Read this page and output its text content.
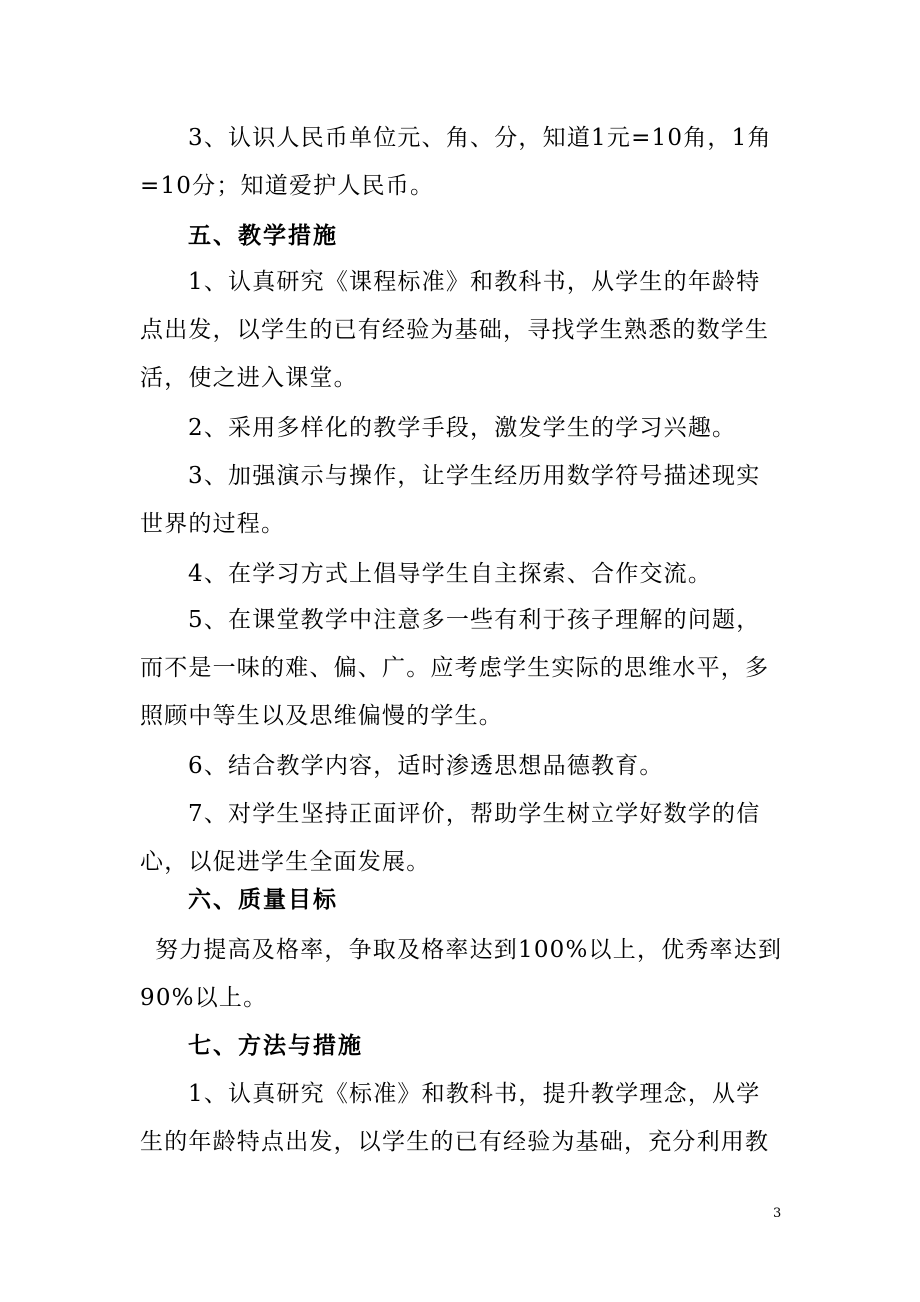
3、认识人民币单位元、角、分，知道1元=10角，1角=10分；知道爱护人民币。

五、教学措施

1、认真研究《课程标准》和教科书，从学生的年龄特点出发，以学生的已有经验为基础，寻找学生熟悉的数学生活，使之进入课堂。

2、采用多样化的教学手段，激发学生的学习兴趣。

3、加强演示与操作，让学生经历用数学符号描述现实世界的过程。

4、在学习方式上倡导学生自主探索、合作交流。

5、在课堂教学中注意多一些有利于孩子理解的问题，而不是一味的难、偏、广。应考虑学生实际的思维水平，多照顾中等生以及思维偏慢的学生。

6、结合教学内容，适时渗透思想品德教育。

7、对学生坚持正面评价，帮助学生树立学好数学的信心，以促进学生全面发展。

六、质量目标

努力提高及格率，争取及格率达到100%以上，优秀率达到

90%以上。

七、方法与措施

1、认真研究《标准》和教科书，提升教学理念，从学生的年龄特点出发，以学生的已有经验为基础，充分利用教

3
